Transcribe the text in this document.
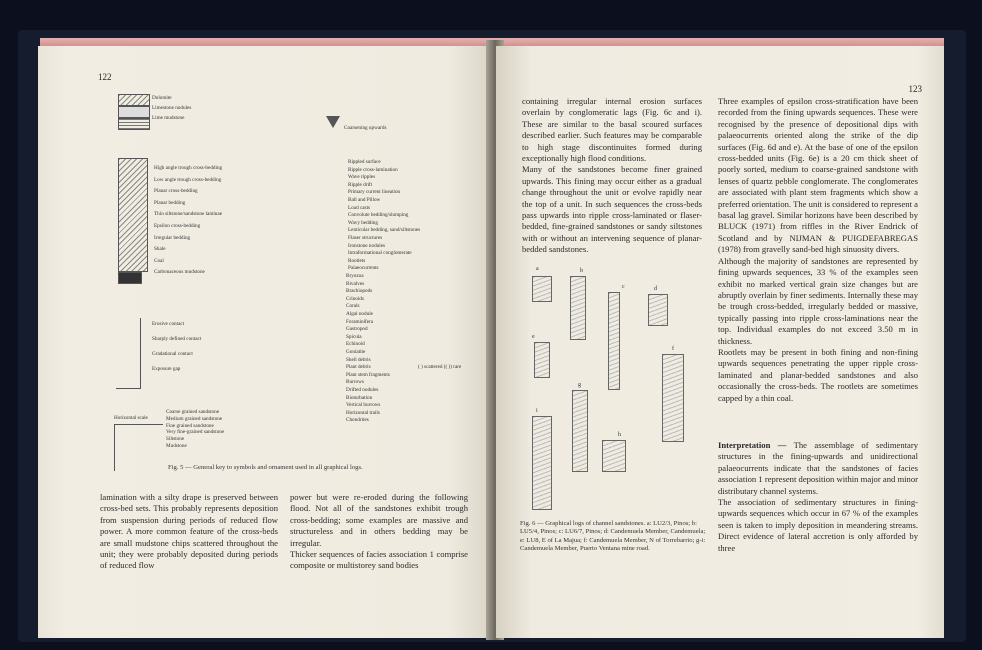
122
Dolomite
Limestone nodules
Lime mudstone
Coarsening upwards
High angle trough cross-bedding
Low angle trough cross-bedding
Planar cross-bedding
Planar bedding
Thin siltstone/sandstone laminae
Epsilon cross-bedding
Irregular bedding
Shale
Coal
Carbonaceous mudstone
Rippled surface
Ripple cross-lamination
Wave ripples
Ripple drift
Primary current lineation
Ball and Pillow
Load casts
Convolute bedding/slumping
Wavy bedding
Lenticular bedding, sand/siltstones
Flaser structures
Ironstone nodules
Intraformational conglomerate
Rootlets
Palaeocurrents
Erosive contact
Sharply defined contact
Gradational contact
Exposure gap
Bryozoa
Bivalves
Brachiopods
Crinoids
Corals
Algal nodule
Foraminifera
Gastropod
Spicula
Echinoid
Goniatite
Shell debris
Plant debris
Plant stem fragments
Burrows
Drifted nodules
Bioturbation
Vertical burrows
Horizontal trails
Chondrites
Horizontal scale
Coarse grained sandstone
Medium grained sandstone
Fine grained sandstone
Very fine-grained sandstone
Siltstone
Mudstone
Fig. 5 — General key to symbols and ornament used in all graphical logs.
lamination with a silty drape is preserved between cross-bed sets. This probably represents deposition from suspension during periods of reduced flow power. A more common feature of the cross-beds are small mudstone chips scattered throughout the unit; they were probably deposited during periods of reduced flow
power but were re-eroded during the following flood. Not all of the sandstones exhibit trough cross-bedding; some examples are massive and structureless and in others bedding may be irregular.
Thicker sequences of facies association 1 comprise composite or multistorey sand bodies
( ) scattered (( )) rare
123
containing irregular internal erosion surfaces overlain by conglomeratic lags (Fig. 6c and i). These are similar to the basal scoured surfaces described earlier. Such features may be comparable to high stage discontinuites formed during exceptionally high flood conditions.
Many of the sandstones become finer grained upwards. This fining may occur either as a gradual change throughout the unit or evolve rapidly near the top of a unit. In such sequences the cross-beds pass upwards into ripple cross-laminated or flaser-bedded, fine-grained sandstones or sandy siltstones with or without an intervening sequence of planar-bedded sandstones.
Fig. 6 — Graphical logs of channel sandstones. a: LU2/3, Pinos; b: LU5/4, Pinos; c: LU6/7, Pinos; d: Candemuela Member, Candemuela; e: LU8, E of La Majua; f: Candemuela Member, N of Torrebarrio; g-i: Candemuela Member, Puerto Ventana mine road.
Three examples of epsilon cross-stratification have been recorded from the fining upwards sequences. These were recognised by the presence of depositional dips with palaeocurrents oriented along the strike of the dip surfaces (Fig. 6d and e). At the base of one of the epsilon cross-bedded units (Fig. 6e) is a 20 cm thick sheet of poorly sorted, medium to coarse-grained sandstone with lenses of quartz pebble conglomerate. The conglomerates are associated with plant stem fragments which show a preferred orientation. The unit is considered to represent a basal lag gravel. Similar horizons have been described by BLUCK (1971) from riffles in the River Endrick of Scotland and by NIJMAN & PUIGDEFABREGAS (1978) from gravelly sand-bed high sinuosity divers.
Although the majority of sandstones are represented by fining upwards sequences, 33 % of the examples seen exhibit no marked vertical grain size changes but are abruptly overlain by finer sediments. Internally these may be trough cross-bedded, irregularly bedded or massive, typically passing into ripple cross-laminations near the top. Individual examples do not exceed 3.50 m in thickness.
Rootlets may be present in both fining and non-fining upwards sequences penetrating the upper ripple cross-laminated and planar-bedded sandstones and also occasionally the cross-beds. The rootlets are sometimes capped by a thin coal.
Interpretation — The assemblage of sedimentary structures in the fining-upwards and unidirectional palaeocurrents indicate that the sandstones of facies association 1 represent deposition within major and minor distributary channel systems.
The association of sedimentary structures in fining-upwards sequences which occur in 67 % of the examples seen is taken to imply deposition in meandering streams. Direct evidence of lateral accretion is only afforded by three
a	b
c	d
e
f
g
h
i
